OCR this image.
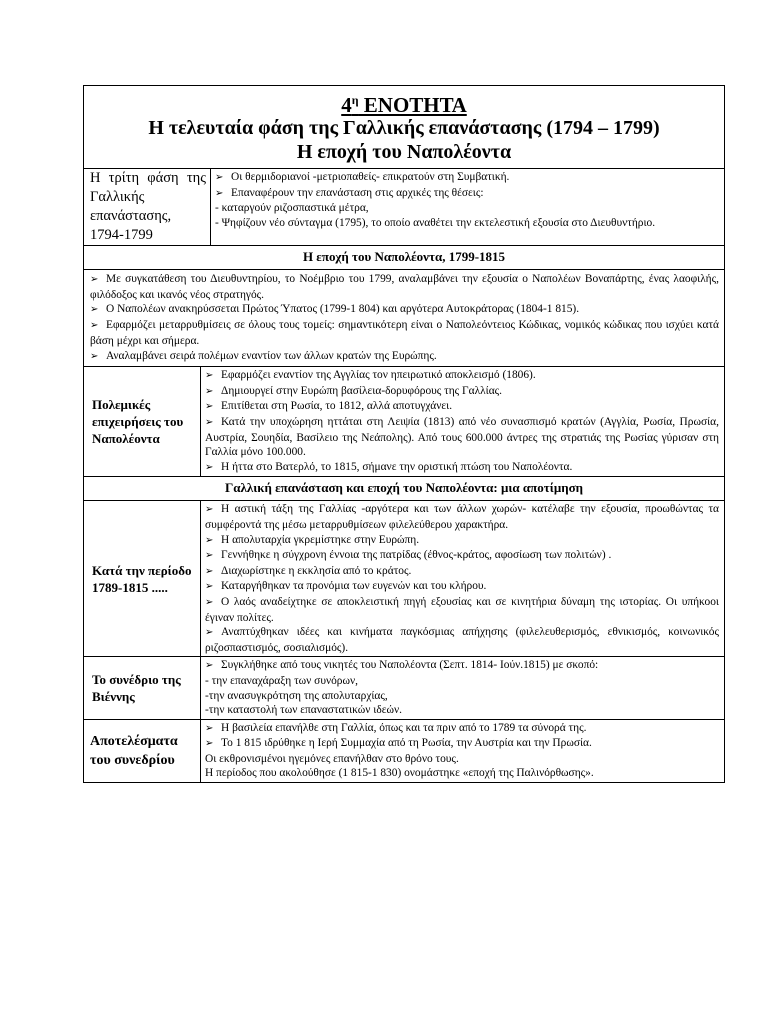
$4^\eta$ ΕΝΟΤΗΤΑ
Η τελευταία φάση της Γαλλικής επανάστασης (1794 – 1799)
Η εποχή του Ναπολέοντα
Η τρίτη φάση της Γαλλικής επανάστασης, 1794-1799
➢ Οι θερμιδοριανοί -μετριοπαθείς- επικρατούν στη Συμβατική.
➢ Επαναφέρουν την επανάσταση στις αρχικές της θέσεις:
- καταργούν ριζοσπαστικά μέτρα,
- Ψηφίζουν νέο σύνταγμα (1795), το οποίο αναθέτει την εκτελεστική εξουσία στο Διευθυντήριο.
Η εποχή του Ναπολέοντα, 1799-1815
➢ Με συγκατάθεση του Διευθυντηρίου, το Νοέμβριο του 1799, αναλαμβάνει την εξουσία ο Ναπολέων Βοναπάρτης, ένας λαοφιλής, φιλόδοξος και ικανός νέος στρατηγός.
➢ Ο Ναπολέων ανακηρύσσεται Πρώτος Ύπατος (1799-1 804) και αργότερα Αυτοκράτορας (1804-1 815).
➢ Εφαρμόζει μεταρρυθμίσεις σε όλους τους τομείς: σημαντικότερη είναι ο Ναπολεόντειος Κώδικας, νομικός κώδικας που ισχύει κατά βάση μέχρι και σήμερα.
➢ Αναλαμβάνει σειρά πολέμων εναντίον των άλλων κρατών της Ευρώπης.
Πολεμικές επιχειρήσεις του Ναπολέοντα
➢ Εφαρμόζει εναντίον της Αγγλίας τον ηπειρωτικό αποκλεισμό (1806).
➢ Δημιουργεί στην Ευρώπη βασίλεια-δορυφόρους της Γαλλίας.
➢ Επιτίθεται στη Ρωσία, το 1812, αλλά αποτυγχάνει.
➢ Κατά την υποχώρηση ηττάται στη Λειψία (1813) από νέο συνασπισμό κρατών (Αγγλία, Ρωσία, Πρωσία, Αυστρία, Σουηδία, Βασίλειο της Νεάπολης). Από τους 600.000 άντρες της στρατιάς της Ρωσίας γύρισαν στη Γαλλία μόνο 100.000.
➢ Η ήττα στο Βατερλό, το 1815, σήμανε την οριστική πτώση του Ναπολέοντα.
Γαλλική επανάσταση και εποχή του Ναπολέοντα: μια αποτίμηση
Κατά την περίοδο 1789-1815 .....
➢ Η αστική τάξη της Γαλλίας -αργότερα και των άλλων χωρών- κατέλαβε την εξουσία, προωθώντας τα συμφέροντά της μέσω μεταρρυθμίσεων φιλελεύθερου χαρακτήρα.
➢ Η απολυταρχία γκρεμίστηκε στην Ευρώπη.
➢ Γεννήθηκε η σύγχρονη έννοια της πατρίδας (έθνος-κράτος, αφοσίωση των πολιτών) .
➢ Διαχωρίστηκε η εκκλησία από το κράτος.
➢ Καταργήθηκαν τα προνόμια των ευγενών και του κλήρου.
➢ Ο λαός αναδείχτηκε σε αποκλειστική πηγή εξουσίας και σε κινητήρια δύναμη της ιστορίας. Οι υπήκοοι έγιναν πολίτες.
➢ Αναπτύχθηκαν ιδέες και κινήματα παγκόσμιας απήχησης (φιλελευθερισμός, εθνικισμός, κοινωνικός ριζοσπαστισμός, σοσιαλισμός).
Το συνέδριο της Βιέννης
➢ Συγκλήθηκε από τους νικητές του Ναπολέοντα (Σεπτ. 1814- Ιούν.1815) με σκοπό:
- την επαναχάραξη των συνόρων,
-την ανασυγκρότηση της απολυταρχίας,
-την καταστολή των επαναστατικών ιδεών.
Αποτελέσματα του συνεδρίου
➢ Η βασιλεία επανήλθε στη Γαλλία, όπως και τα πριν από το 1789 τα σύνορά της.
➢ Το 1 815 ιδρύθηκε η Ιερή Συμμαχία από τη Ρωσία, την Αυστρία και την Πρωσία.
Οι εκθρονισμένοι ηγεμόνες επανήλθαν στο θρόνο τους.
Η περίοδος που ακολούθησε (1 815-1 830) ονομάστηκε «εποχή της Παλινόρθωσης».
